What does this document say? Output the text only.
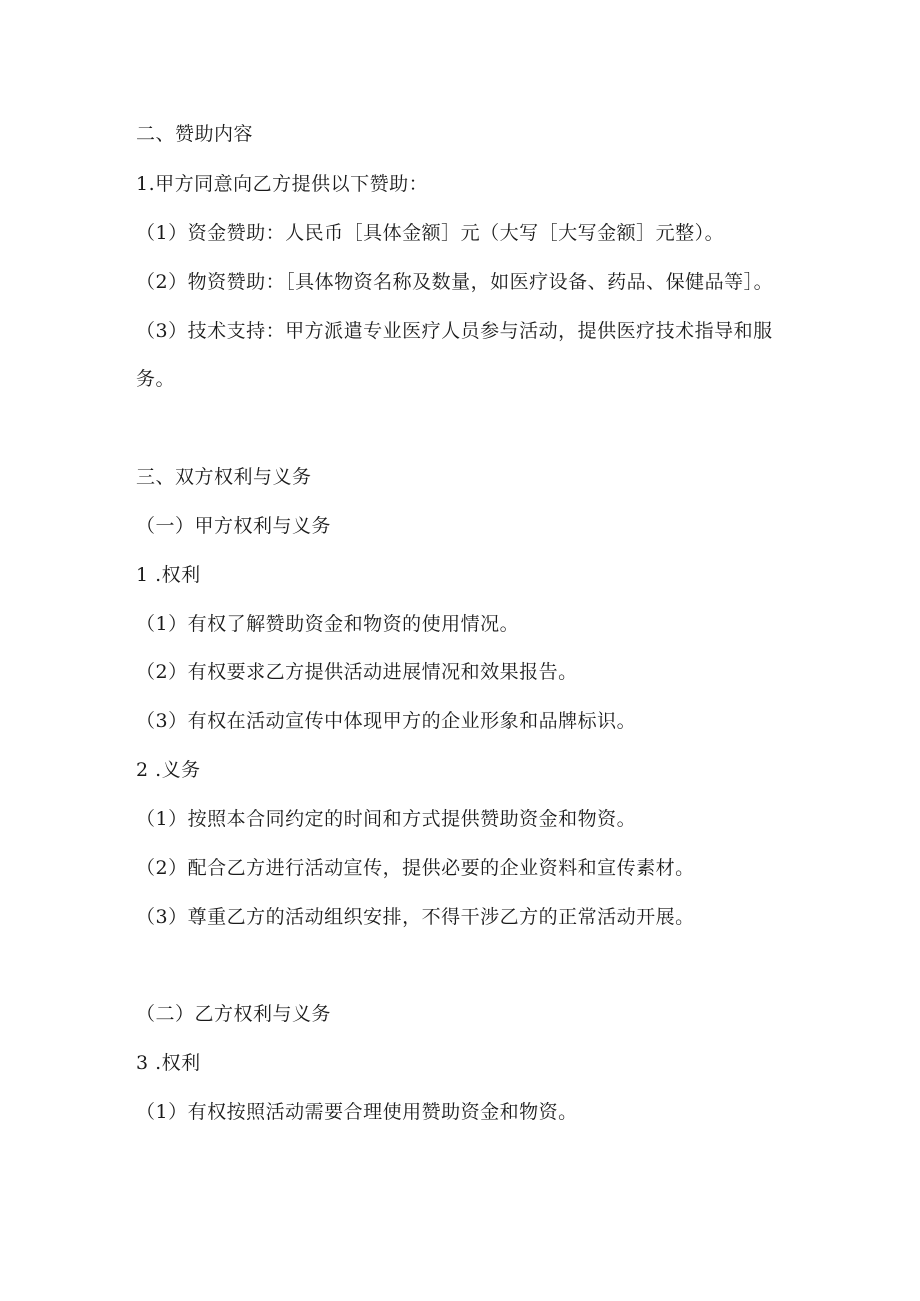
二、赞助内容
1.甲方同意向乙方提供以下赞助：
（1）资金赞助：人民币［具体金额］元（大写［大写金额］元整）。
（2）物资赞助：［具体物资名称及数量，如医疗设备、药品、保健品等］。
（3）技术支持：甲方派遣专业医疗人员参与活动，提供医疗技术指导和服
务。
三、双方权利与义务
（一）甲方权利与义务
1 .权利
（1）有权了解赞助资金和物资的使用情况。
（2）有权要求乙方提供活动进展情况和效果报告。
（3）有权在活动宣传中体现甲方的企业形象和品牌标识。
2 .义务
（1）按照本合同约定的时间和方式提供赞助资金和物资。
（2）配合乙方进行活动宣传，提供必要的企业资料和宣传素材。
（3）尊重乙方的活动组织安排，不得干涉乙方的正常活动开展。
（二）乙方权利与义务
3 .权利
（1）有权按照活动需要合理使用赞助资金和物资。
